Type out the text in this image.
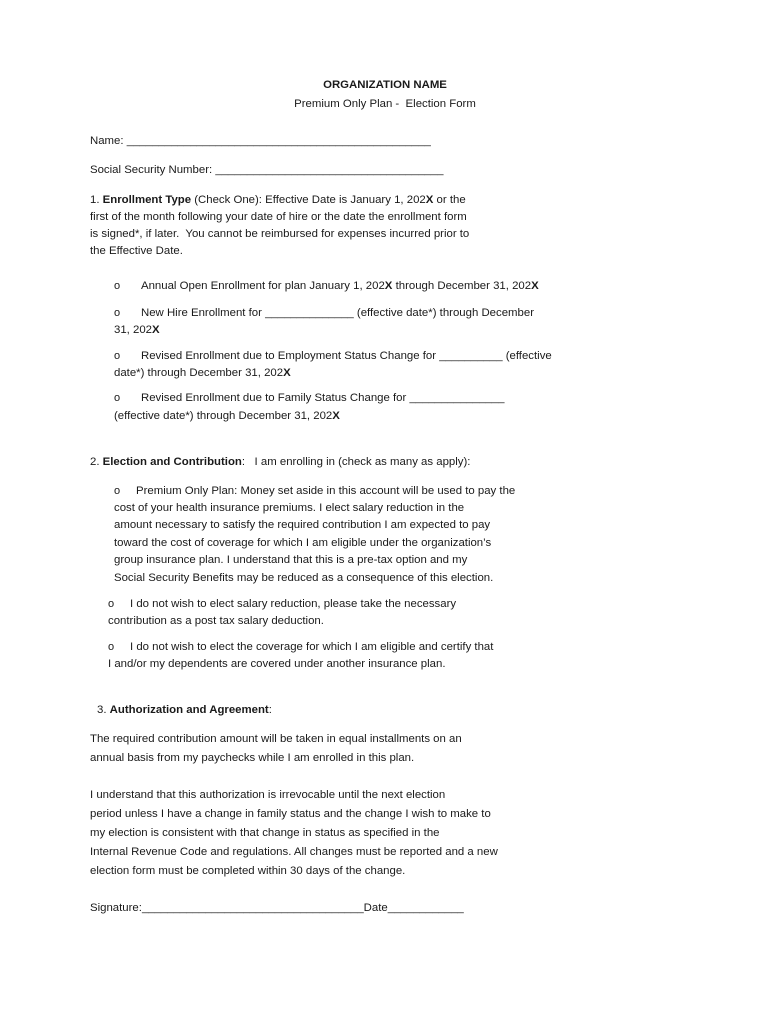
ORGANIZATION NAME
Premium Only Plan -  Election Form
Name: ________________________________________________
Social Security Number: ____________________________________
1. Enrollment Type (Check One): Effective Date is January 1, 202X or the
first of the month following your date of hire or the date the enrollment form
is signed*, if later.  You cannot be reimbursed for expenses incurred prior to
the Effective Date.
o Annual Open Enrollment for plan January 1, 202X through December 31, 202X
o New Hire Enrollment for ______________ (effective date*) through December
31, 202X
o Revised Enrollment due to Employment Status Change for __________ (effective
date*) through December 31, 202X
o Revised Enrollment due to Family Status Change for _______________
(effective date*) through December 31, 202X
2. Election and Contribution:   I am enrolling in (check as many as apply):
o Premium Only Plan: Money set aside in this account will be used to pay the
cost of your health insurance premiums. I elect salary reduction in the
amount necessary to satisfy the required contribution I am expected to pay
toward the cost of coverage for which I am eligible under the organization’s
group insurance plan. I understand that this is a pre-tax option and my
Social Security Benefits may be reduced as a consequence of this election.
o I do not wish to elect salary reduction, please take the necessary
contribution as a post tax salary deduction.
o I do not wish to elect the coverage for which I am eligible and certify that
I and/or my dependents are covered under another insurance plan.
3. Authorization and Agreement:
The required contribution amount will be taken in equal installments on an
annual basis from my paychecks while I am enrolled in this plan.
I understand that this authorization is irrevocable until the next election
period unless I have a change in family status and the change I wish to make to
my election is consistent with that change in status as specified in the
Internal Revenue Code and regulations. All changes must be reported and a new
election form must be completed within 30 days of the change.
Signature:___________________________________Date____________
